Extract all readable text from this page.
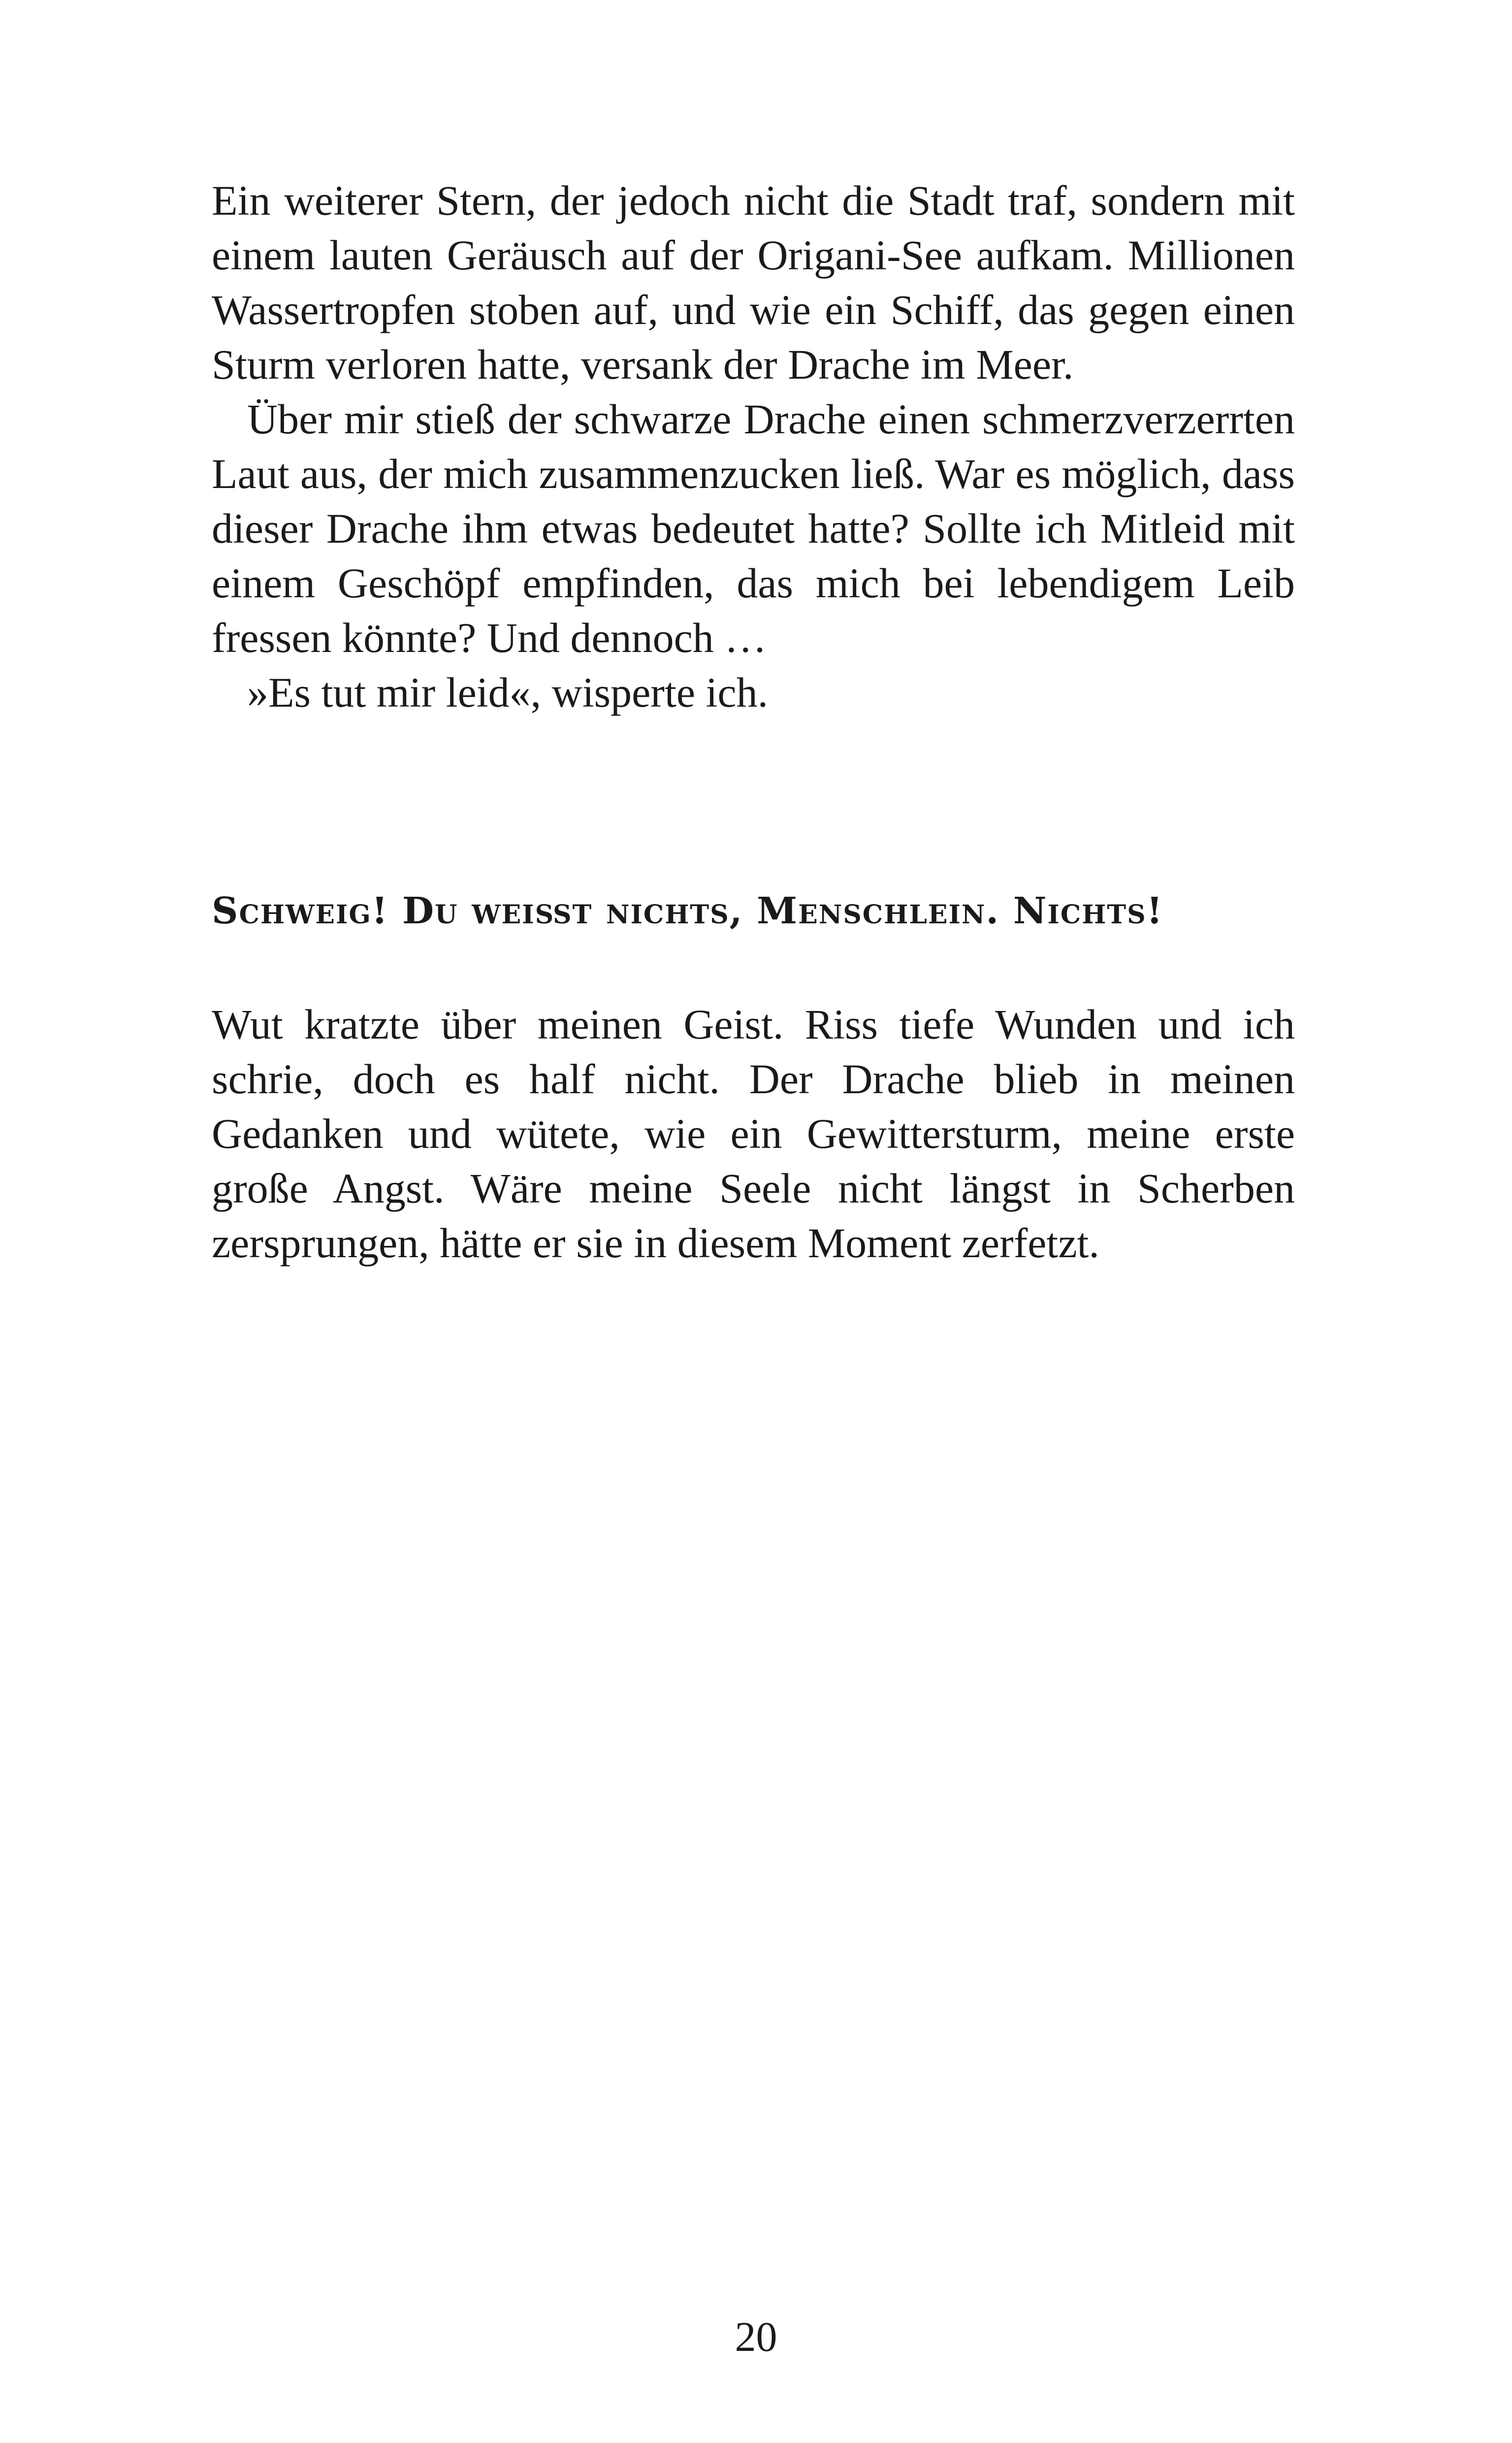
Ein weiterer Stern, der jedoch nicht die Stadt traf, sondern mit einem lauten Geräusch auf der Origani-See aufkam. Millionen Wassertropfen stoben auf, und wie ein Schiff, das gegen einen Sturm verloren hatte, versank der Drache im Meer.

Über mir stieß der schwarze Drache einen schmerzverzerrten Laut aus, der mich zusammenzucken ließ. War es möglich, dass dieser Drache ihm etwas bedeutet hatte? Sollte ich Mitleid mit einem Geschöpf empfinden, das mich bei lebendigem Leib fressen könnte? Und dennoch …

»Es tut mir leid«, wisperte ich.

Schweig! Du weißt nichts, Menschlein. Nichts!

Wut kratzte über meinen Geist. Riss tiefe Wunden und ich schrie, doch es half nicht. Der Drache blieb in meinen Gedanken und wütete, wie ein Gewittersturm, meine erste große Angst. Wäre meine Seele nicht längst in Scherben zersprungen, hätte er sie in diesem Moment zerfetzt.

20
